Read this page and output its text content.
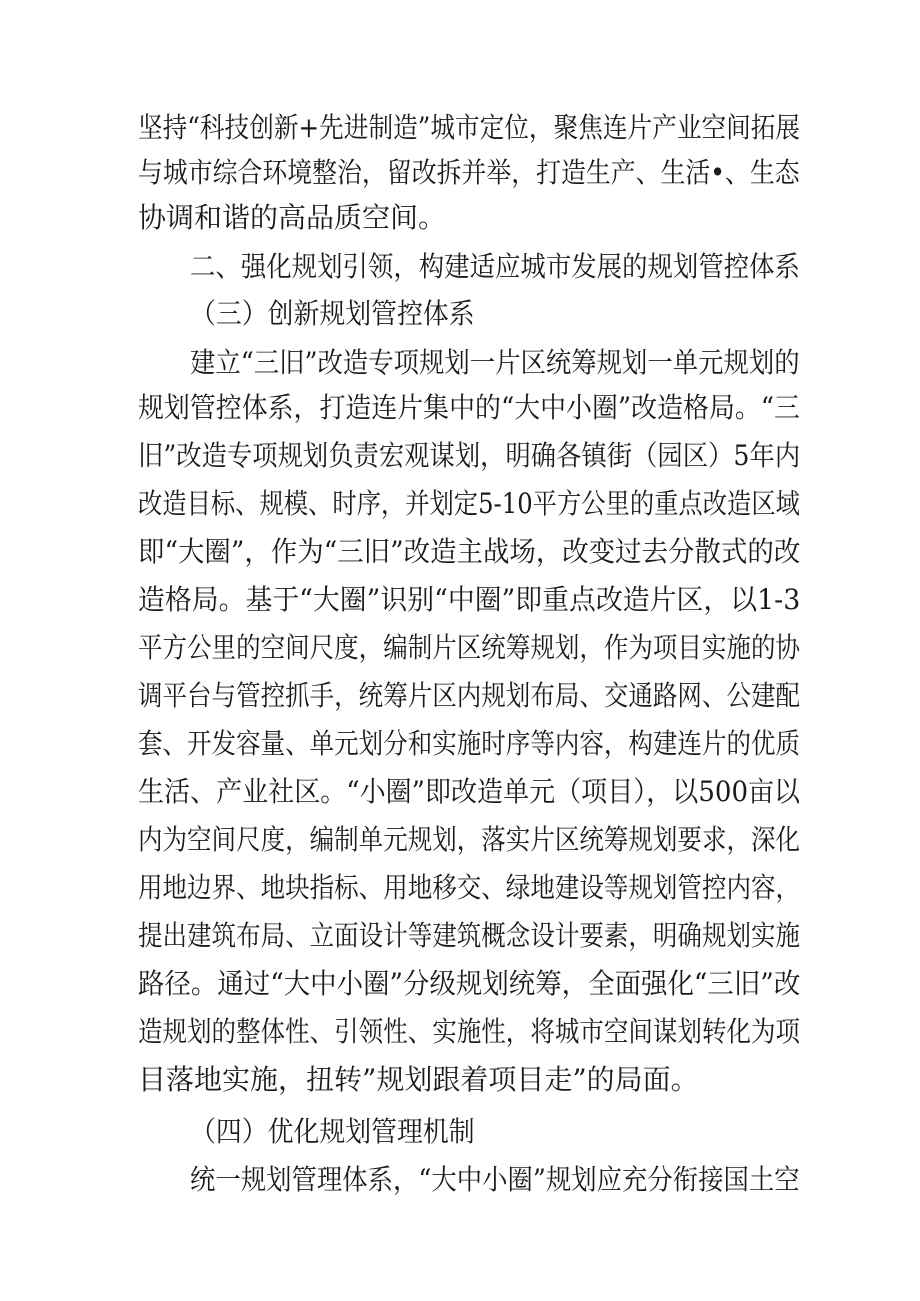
坚持“科技创新+先进制造”城市定位，聚焦连片产业空间拓展
与城市综合环境整治，留改拆并举，打造生产、生活•、生态
协调和谐的高品质空间。
二、强化规划引领，构建适应城市发展的规划管控体系
（三）创新规划管控体系
建立“三旧”改造专项规划一片区统筹规划一单元规划的
规划管控体系，打造连片集中的“大中小圈”改造格局。“三
旧”改造专项规划负责宏观谋划，明确各镇街（园区）5年内
改造目标、规模、时序，并划定5-10平方公里的重点改造区域
即“大圈”，作为“三旧”改造主战场，改变过去分散式的改
造格局。基于“大圈”识别“中圈”即重点改造片区，以1-3
平方公里的空间尺度，编制片区统筹规划，作为项目实施的协
调平台与管控抓手，统筹片区内规划布局、交通路网、公建配
套、开发容量、单元划分和实施时序等内容，构建连片的优质
生活、产业社区。“小圈”即改造单元（项目），以500亩以
内为空间尺度，编制单元规划，落实片区统筹规划要求，深化
用地边界、地块指标、用地移交、绿地建设等规划管控内容，
提出建筑布局、立面设计等建筑概念设计要素，明确规划实施
路径。通过“大中小圈”分级规划统筹，全面强化“三旧”改
造规划的整体性、引领性、实施性，将城市空间谋划转化为项
目落地实施，扭转”规划跟着项目走”的局面。
（四）优化规划管理机制
统一规划管理体系，“大中小圈”规划应充分衔接国土空
